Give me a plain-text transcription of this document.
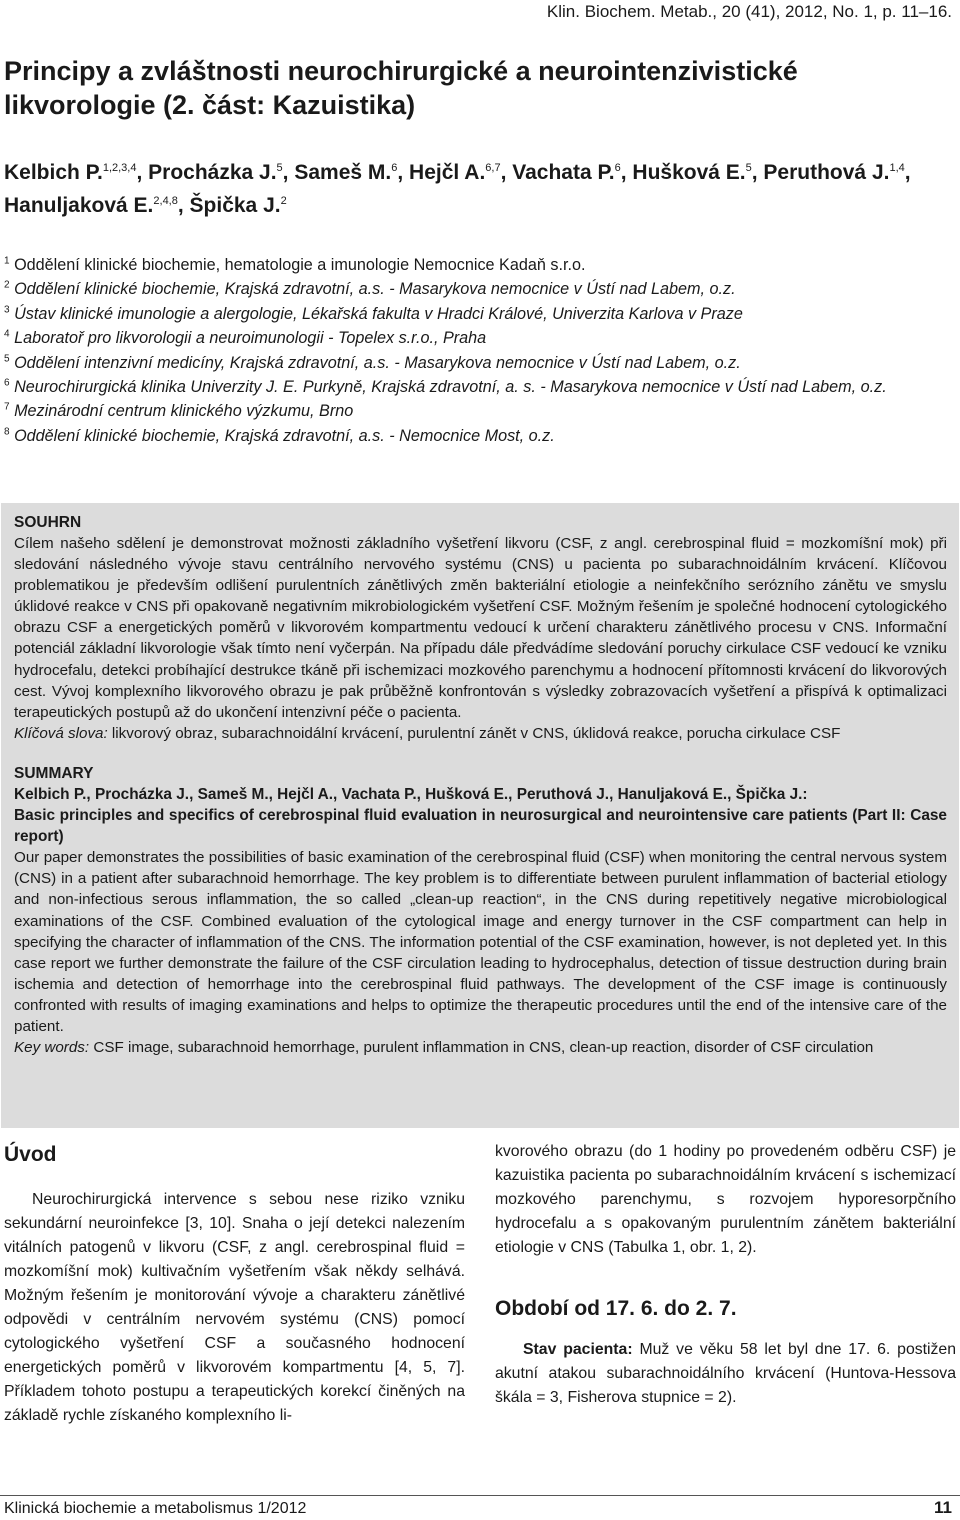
Klin. Biochem. Metab., 20 (41), 2012, No. 1, p. 11–16.
Principy a zvláštnosti neurochirurgické a neurointenzivistické
likvorologie (2. část: Kazuistika)
Kelbich P.$^{1,2,3,4}$, Procházka J.$^5$, Sameš M.$^6$, Hejčl A.$^{6,7}$, Vachata P.$^6$, Hušková E.$^5$, Peruthová J.$^{1,4}$, Hanuljaková E.$^{2,4,8}$, Špička J.$^2$
$^1$ Oddělení klinické biochemie, hematologie a imunologie Nemocnice Kadaň s.r.o.
$^2$ Oddělení klinické biochemie, Krajská zdravotní, a.s. - Masarykova nemocnice v Ústí nad Labem, o.z.
$^3$ Ústav klinické imunologie a alergologie, Lékařská fakulta v Hradci Králové, Univerzita Karlova v Praze
$^4$ Laboratoř pro likvorologii a neuroimunologii - Topelex s.r.o., Praha
$^5$ Oddělení intenzivní medicíny, Krajská zdravotní, a.s. - Masarykova nemocnice v Ústí nad Labem, o.z.
$^6$ Neurochirurgická klinika Univerzity J. E. Purkyně, Krajská zdravotní, a. s. - Masarykova nemocnice v Ústí nad Labem, o.z.
$^7$ Mezinárodní centrum klinického výzkumu, Brno
$^8$ Oddělení klinické biochemie, Krajská zdravotní, a.s. - Nemocnice Most, o.z.
SOUHRN

Cílem našeho sdělení je demonstrovat možnosti základního vyšetření likvoru (CSF, z angl. cerebrospinal fluid = mozkomíšní mok) při sledování následného vývoje stavu centrálního nervového systému (CNS) u pacienta po subarachnoidálním krvácení. Klíčovou problematikou je především odlišení purulentních zánětlivých změn bakteriální etiologie a neinfekčního serózního zánětu ve smyslu úklidové reakce v CNS při opakovaně negativním mikrobiologickém vyšetření CSF. Možným řešením je společné hodnocení cytologického obrazu CSF a energetických poměrů v likvorovém kompartmentu vedoucí k určení charakteru zánětlivého procesu v CNS. Informační potenciál základní likvorologie však tímto není vyčerpán. Na případu dále předvádíme sledování poruchy cirkulace CSF vedoucí ke vzniku hydrocefalu, detekci probíhající destrukce tkáně při ischemizaci mozkového parenchymu a hodnocení přítomnosti krvácení do likvorových cest. Vývoj komplexního likvorového obrazu je pak průběžně konfrontován s výsledky zobrazovacích vyšetření a přispívá k optimalizaci terapeutických postupů až do ukončení intenzivní péče o pacienta.
Klíčová slova: likvorový obraz, subarachnoidální krvácení, purulentní zánět v CNS, úklidová reakce, porucha cirkulace CSF

SUMMARY

Kelbich P., Procházka J., Sameš M., Hejčl A., Vachata P., Hušková E., Peruthová J., Hanuljaková E., Špička J.:

Basic principles and specifics of cerebrospinal fluid evaluation in neurosurgical and neurointensive care patients (Part II: Case report)

Our paper demonstrates the possibilities of basic examination of the cerebrospinal fluid (CSF) when monitoring the central nervous system (CNS) in a patient after subarachnoid hemorrhage. The key problem is to differentiate between purulent inflammation of bacterial etiology and non-infectious serous inflammation, the so called „clean-up reaction“, in the CNS during repetitively negative microbiological examinations of the CSF. Combined evaluation of the cytological image and energy turnover in the CSF compartment can help in specifying the character of inflammation of the CNS. The information potential of the CSF examination, however, is not depleted yet. In this case report we further demonstrate the failure of the CSF circulation leading to hydrocephalus, detection of tissue destruction during brain ischemia and detection of hemorrhage into the cerebrospinal fluid pathways. The development of the CSF image is continuously confronted with results of imaging examinations and helps to optimize the therapeutic procedures until the end of the intensive care of the patient.
Key words: CSF image, subarachnoid hemorrhage, purulent inflammation in CNS, clean-up reaction, disorder of CSF circulation

Úvod

Neurochirurgická intervence s sebou nese riziko vzniku sekundární neuroinfekce [3, 10]. Snaha o její detekci nalezením vitálních patogenů v likvoru (CSF, z angl. cerebrospinal fluid = mozkomíšní mok) kultivačním vyšetřením však někdy selhává. Možným řešením je monitorování vývoje a charakteru zánětlivé odpovědi v centrálním nervovém systému (CNS) pomocí cytologického vyšetření CSF a současného hodnocení energetických poměrů v likvorovém kompartmentu [4, 5, 7]. Příkladem tohoto postupu a terapeutických korekcí činěných na základě rychle získaného komplexního li-

kvorového obrazu (do 1 hodiny po provedeném odběru CSF) je kazuistika pacienta po subarachnoidálním krvácení s ischemizací mozkového parenchymu, s rozvojem hyporesorpčního hydrocefalu a s opakovaným purulentním zánětem bakteriální etiologie v CNS (Tabulka 1, obr. 1, 2).

Období od 17. 6. do 2. 7.

Stav pacienta: Muž ve věku 58 let byl dne 17. 6. postižen akutní atakou subarachnoidálního krvácení (Huntova-Hessova škála = 3, Fisherova stupnice = 2).

Klinická biochemie a metabolismus 1/2012	11
